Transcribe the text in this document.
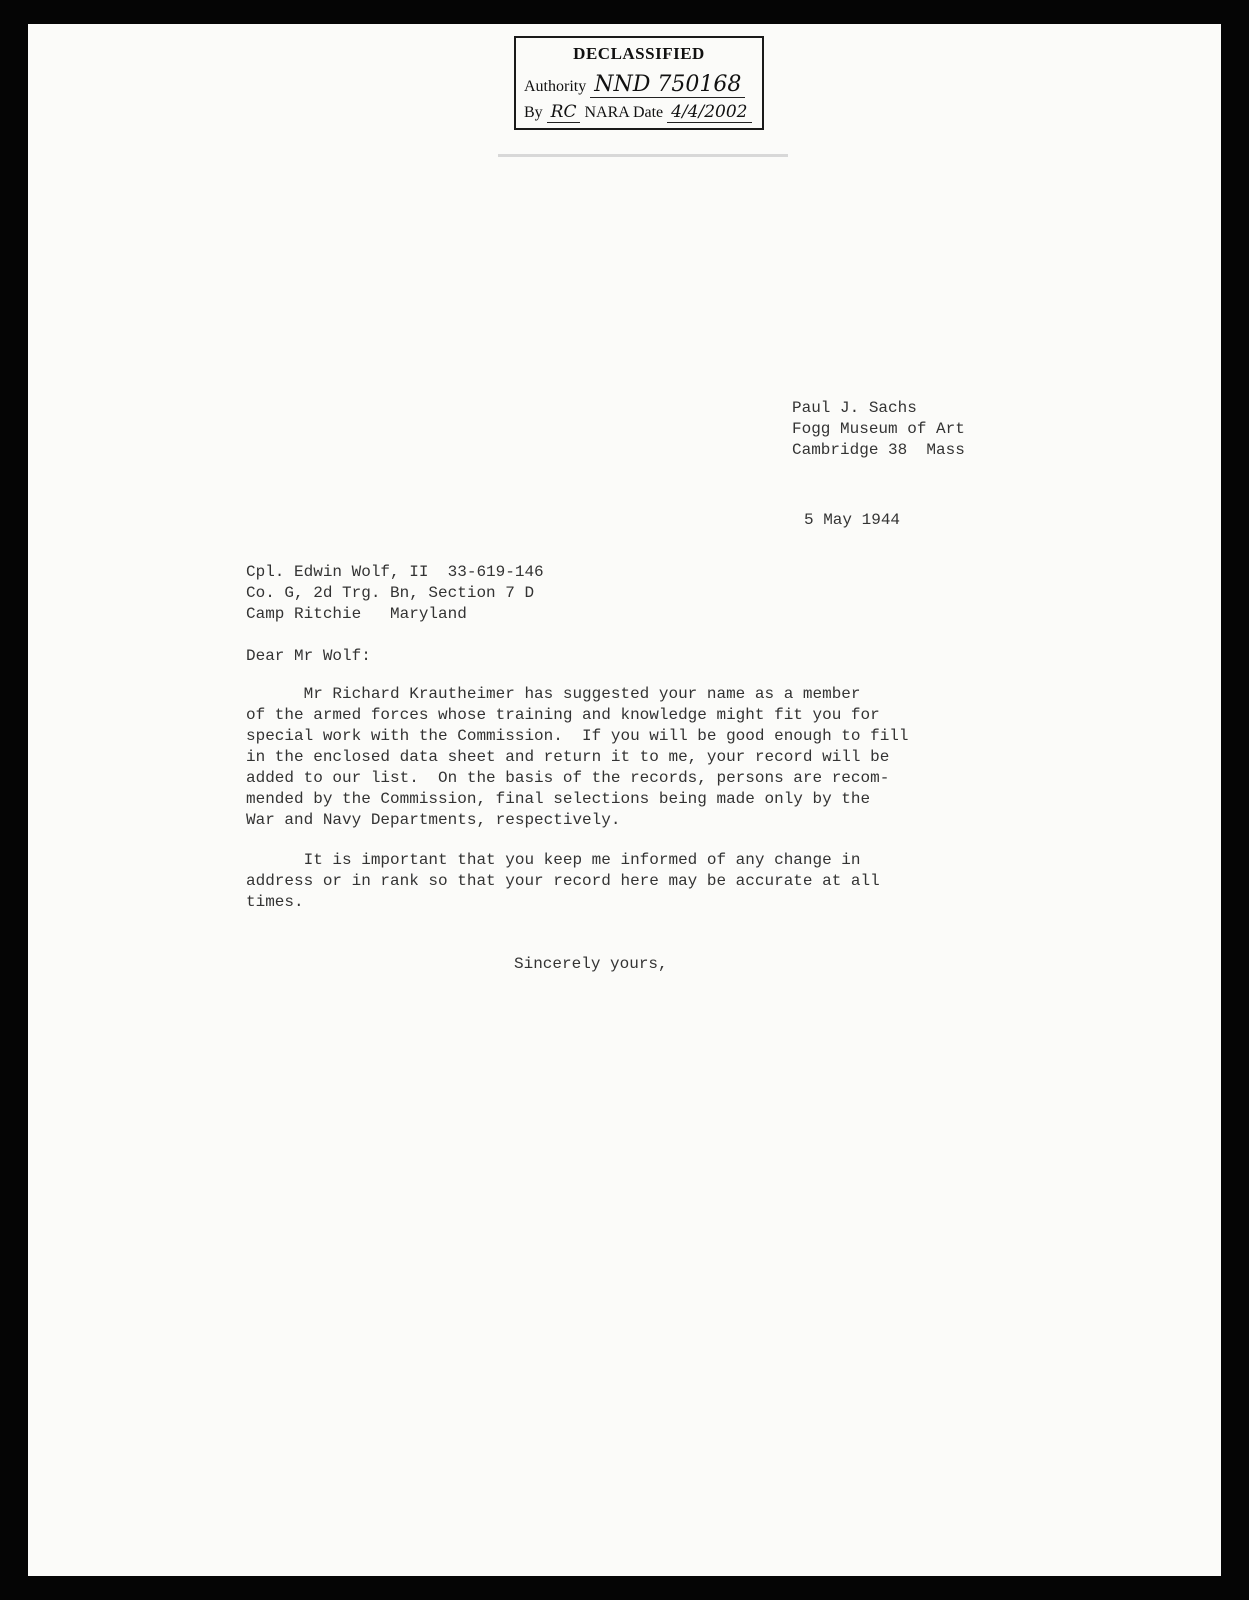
DECLASSIFIED
Authority NND 750168
By RC NARA Date 4/4/2002
Paul J. Sachs
Fogg Museum of Art
Cambridge 38  Mass
5 May 1944
Cpl. Edwin Wolf, II  33-619-146
Co. G, 2d Trg. Bn, Section 7 D
Camp Ritchie   Maryland
Dear Mr Wolf:
Mr Richard Krautheimer has suggested your name as a member
of the armed forces whose training and knowledge might fit you for
special work with the Commission.  If you will be good enough to fill
in the enclosed data sheet and return it to me, your record will be
added to our list.  On the basis of the records, persons are recom-
mended by the Commission, final selections being made only by the
War and Navy Departments, respectively.
It is important that you keep me informed of any change in
address or in rank so that your record here may be accurate at all
times.
Sincerely yours,
